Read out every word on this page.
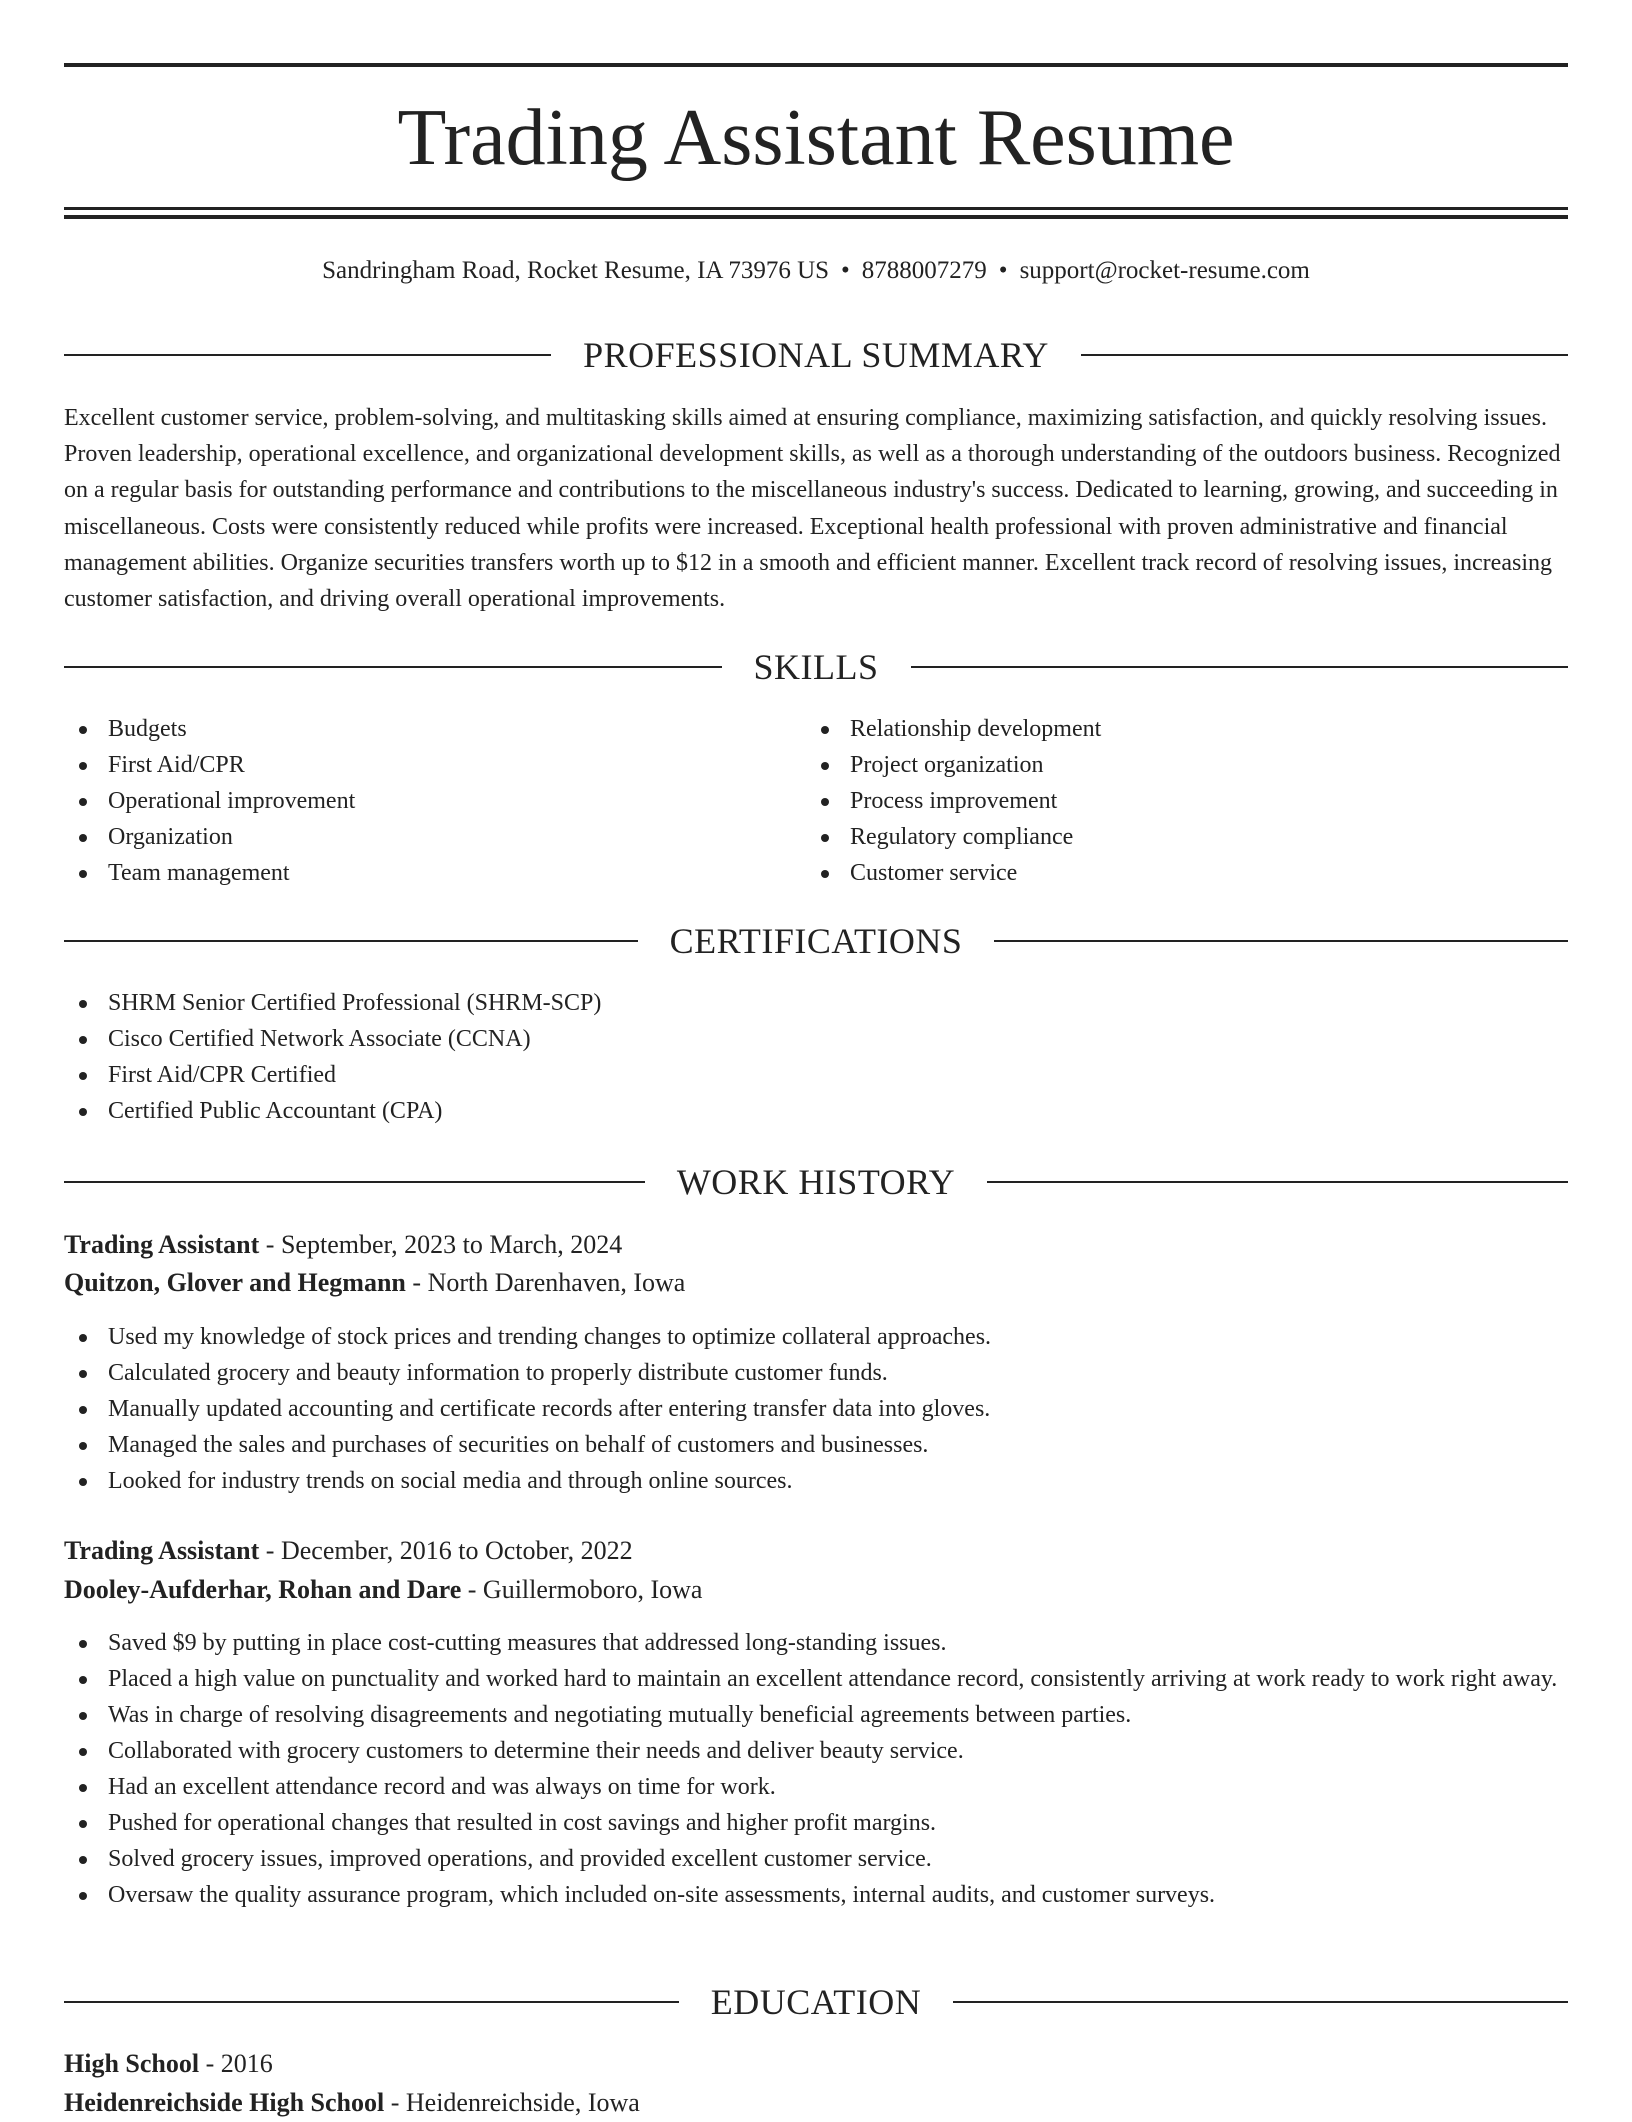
Trading Assistant Resume
Sandringham Road, Rocket Resume, IA 73976 US • 8788007279 • support@rocket-resume.com
PROFESSIONAL SUMMARY

Excellent customer service, problem-solving, and multitasking skills aimed at ensuring compliance, maximizing satisfaction, and quickly resolving issues. Proven leadership, operational excellence, and organizational development skills, as well as a thorough understanding of the outdoors business. Recognized on a regular basis for outstanding performance and contributions to the miscellaneous industry's success. Dedicated to learning, growing, and succeeding in miscellaneous. Costs were consistently reduced while profits were increased. Exceptional health professional with proven administrative and financial management abilities. Organize securities transfers worth up to $12 in a smooth and efficient manner. Excellent track record of resolving issues, increasing customer satisfaction, and driving overall operational improvements.

SKILLS
Budgets
First Aid/CPR
Operational improvement
Organization
Team management
Relationship development
Project organization
Process improvement
Regulatory compliance
Customer service
CERTIFICATIONS
SHRM Senior Certified Professional (SHRM-SCP)
Cisco Certified Network Associate (CCNA)
First Aid/CPR Certified
Certified Public Accountant (CPA)
WORK HISTORY
Trading Assistant - September, 2023 to March, 2024
Quitzon, Glover and Hegmann - North Darenhaven, Iowa
Used my knowledge of stock prices and trending changes to optimize collateral approaches.
Calculated grocery and beauty information to properly distribute customer funds.
Manually updated accounting and certificate records after entering transfer data into gloves.
Managed the sales and purchases of securities on behalf of customers and businesses.
Looked for industry trends on social media and through online sources.
Trading Assistant - December, 2016 to October, 2022
Dooley-Aufderhar, Rohan and Dare - Guillermoboro, Iowa
Saved $9 by putting in place cost-cutting measures that addressed long-standing issues.
Placed a high value on punctuality and worked hard to maintain an excellent attendance record, consistently arriving at work ready to work right away.
Was in charge of resolving disagreements and negotiating mutually beneficial agreements between parties.
Collaborated with grocery customers to determine their needs and deliver beauty service.
Had an excellent attendance record and was always on time for work.
Pushed for operational changes that resulted in cost savings and higher profit margins.
Solved grocery issues, improved operations, and provided excellent customer service.
Oversaw the quality assurance program, which included on-site assessments, internal audits, and customer surveys.
EDUCATION
High School - 2016
Heidenreichside High School - Heidenreichside, Iowa
